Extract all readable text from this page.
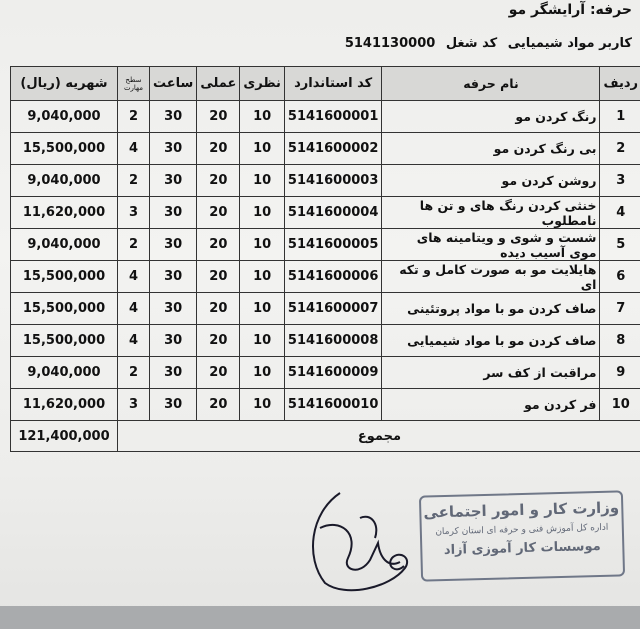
حرفه: آرایشگر مو
کاربر مواد شیمیایی کد شغل 5141130000
شهریه (ریال)	سطح مهارت	ساعت	عملی	نظری	کد استاندارد	نام حرفه	ردیف
9,040,000	2	30	20	10	5141600001	رنگ کردن مو	1
15,500,000	4	30	20	10	5141600002	بی رنگ کردن مو	2
9,040,000	2	30	20	10	5141600003	روشن کردن مو	3
11,620,000	3	30	20	10	5141600004	خنثی کردن رنگ های و تن ها نامطلوب	4
9,040,000	2	30	20	10	5141600005	شست و شوی و ویتامینه های موی آسیب دیده	5
15,500,000	4	30	20	10	5141600006	هایلایت مو به صورت کامل و تکه ای	6
15,500,000	4	30	20	10	5141600007	صاف کردن مو با مواد پروتئینی	7
15,500,000	4	30	20	10	5141600008	صاف کردن مو با مواد شیمیایی	8
9,040,000	2	30	20	10	5141600009	مراقبت از کف سر	9
11,620,000	3	30	20	10	5141600010	فر کردن مو	10
121,400,000	مجموع						
وزارت کار و امور اجتماعی
اداره کل آموزش فنی و حرفه ای استان کرمان
موسسات کار آموزی آزاد
